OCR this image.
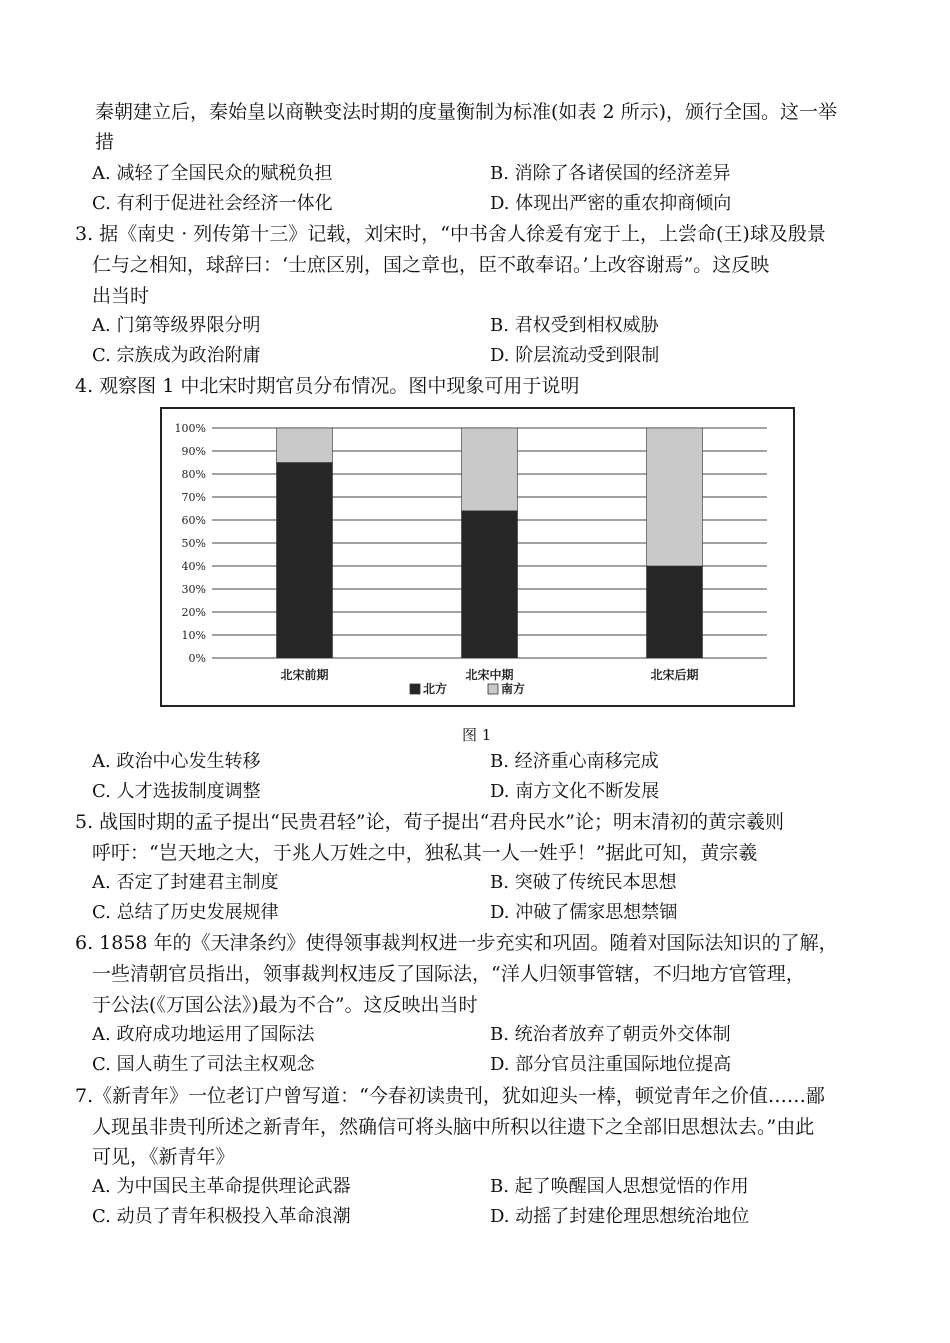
秦朝建立后，秦始皇以商鞅变法时期的度量衡制为标准(如表 2 所示)，颁行全国。这一举
措
A. 减轻了全国民众的赋税负担	B. 消除了各诸侯国的经济差异
C. 有利于促进社会经济一体化	D. 体现出严密的重农抑商倾向
3. 据《南史 · 列传第十三》记载，刘宋时，“中书舍人徐爰有宠于上，上尝命(王)球及殷景
仁与之相知，球辞曰：‘士庶区别，国之章也，臣不敢奉诏。’上改容谢焉”。这反映
出当时
A. 门第等级界限分明	B. 君权受到相权威胁
C. 宗族成为政治附庸	D. 阶层流动受到限制
4. 观察图 1 中北宋时期官员分布情况。图中现象可用于说明
0%
10%
20%
30%
40%
50%
60%
70%
80%
90%
100%
北宋前期	北宋中期	北宋后期
北方	南方
图 1
A. 政治中心发生转移	B. 经济重心南移完成
C. 人才选拔制度调整	D. 南方文化不断发展
5. 战国时期的孟子提出“民贵君轻”论，荀子提出“君舟民水”论；明末清初的黄宗羲则
呼吁：“岂天地之大，于兆人万姓之中，独私其一人一姓乎！”据此可知，黄宗羲
A. 否定了封建君主制度	B. 突破了传统民本思想
C. 总结了历史发展规律	D. 冲破了儒家思想禁锢
6. 1858 年的《天津条约》使得领事裁判权进一步充实和巩固。随着对国际法知识的了解，
一些清朝官员指出，领事裁判权违反了国际法，“洋人归领事管辖，不归地方官管理，
于公法(《万国公法》)最为不合”。这反映出当时
A. 政府成功地运用了国际法	B. 统治者放弃了朝贡外交体制
C. 国人萌生了司法主权观念	D. 部分官员注重国际地位提高
7.《新青年》一位老订户曾写道：“今春初读贵刊，犹如迎头一棒，顿觉青年之价值……鄙
人现虽非贵刊所述之新青年，然确信可将头脑中所积以往遗下之全部旧思想汰去。”由此
可见，《新青年》
A. 为中国民主革命提供理论武器	B. 起了唤醒国人思想觉悟的作用
C. 动员了青年积极投入革命浪潮	D. 动摇了封建伦理思想统治地位
